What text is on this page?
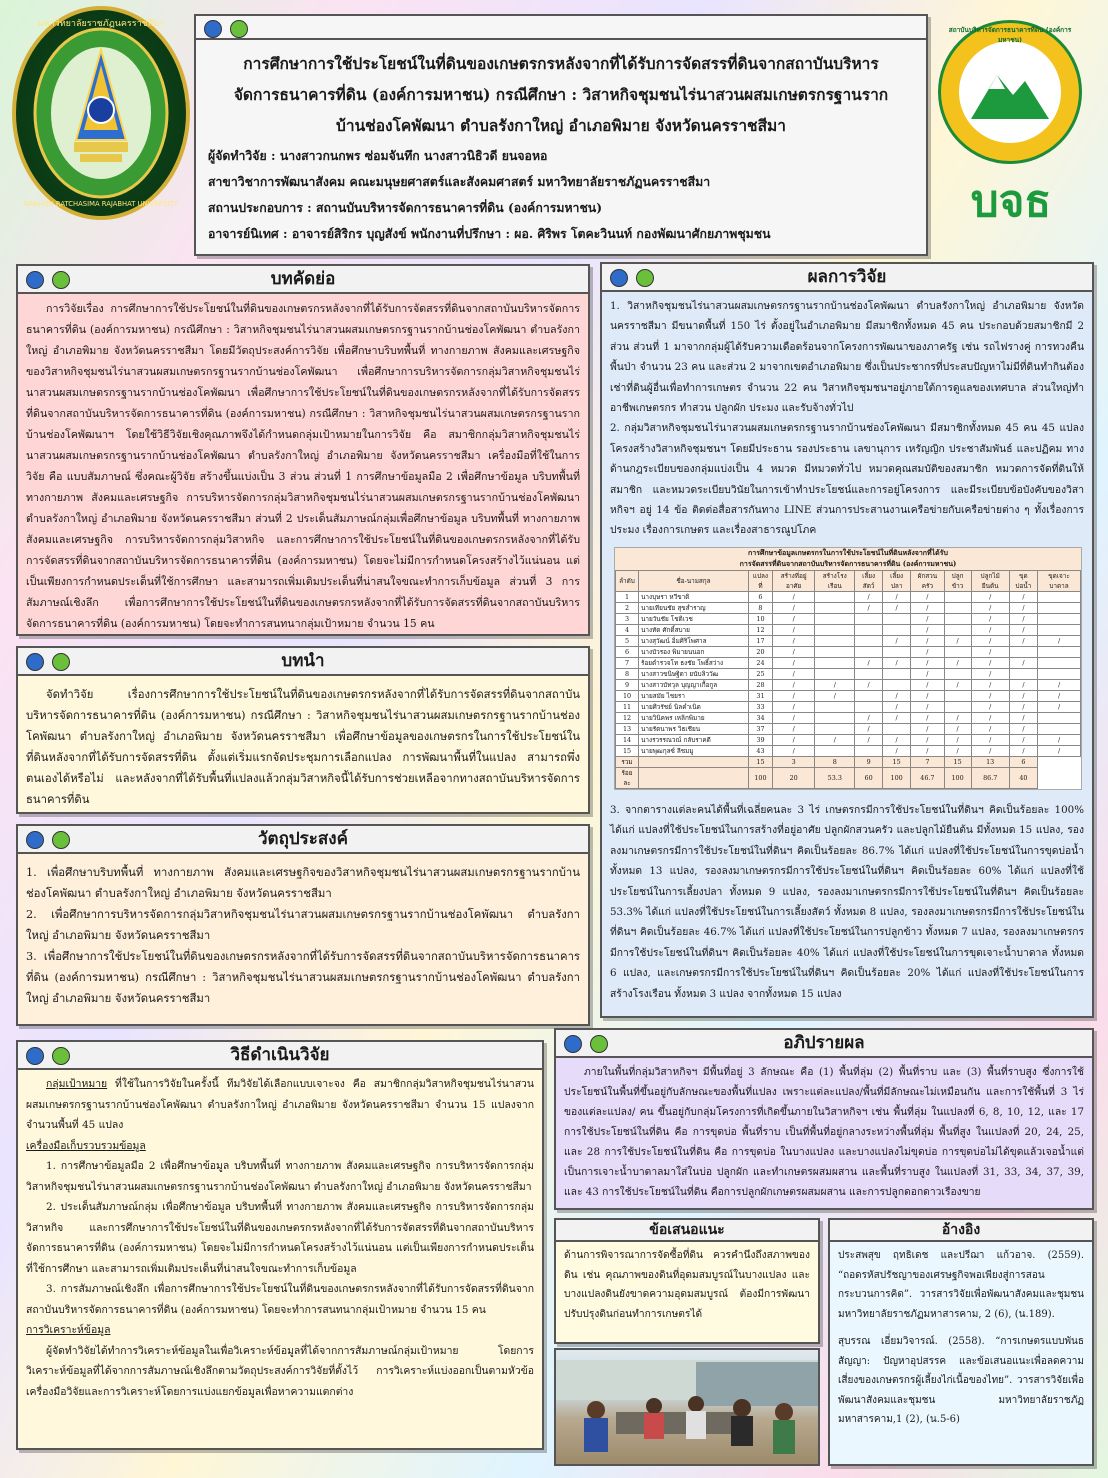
การศึกษาการใช้ประโยชน์ในที่ดินของเกษตรกรหลังจากที่ได้รับการจัดสรรที่ดินจากสถาบันบริหาร
จัดการธนาคารที่ดิน (องค์การมหาชน) กรณีศึกษา : วิสาหกิจชุมชนไร่นาสวนผสมเกษตรกรฐานราก
บ้านช่องโคพัฒนา ตำบลรังกาใหญ่ อำเภอพิมาย จังหวัดนครราชสีมา
ผู้จัดทำวิจัย : นางสาวกนกพร ซ่อมจันทึก นางสาวนิธิวดี ยนจอหอ
สาขาวิชาการพัฒนาสังคม คณะมนุษยศาสตร์และสังคมศาสตร์ มหาวิทยาลัยราชภัฏนครราชสีมา
สถานประกอบการ : สถานบันบริหารจัดการธนาคารที่ดิน (องค์การมหาชน)
อาจารย์นิเทศ : อาจารย์สิริกร บุญสังข์ พนักงานที่ปรึกษา : ผอ. ศิริพร โตคะวินนท์ กองพัฒนาศักยภาพชุมชน
มหาวิทยาลัยราชภัฏนครราชสีมา
NAKHON RATCHASIMA RAJABHAT UNIVERSITY
สถาบันบริหารจัดการธนาคารที่ดิน (องค์การมหาชน)
บจธ
บทคัดย่อ
การวิจัยเรื่อง การศึกษาการใช้ประโยชน์ในที่ดินของเกษตรกรหลังจากที่ได้รับการจัดสรรที่ดินจากสถาบันบริหารจัดการธนาคารที่ดิน (องค์การมหาชน) กรณีศึกษา : วิสาหกิจชุมชนไร่นาสวนผสมเกษตรกรฐานรากบ้านช่องโคพัฒนา ตำบลรังกาใหญ่ อำเภอพิมาย จังหวัดนครราชสีมา โดยมีวัตถุประสงค์การวิจัย เพื่อศึกษาบริบทพื้นที่ ทางกายภาพ สังคมและเศรษฐกิจของวิสาหกิจชุมชนไร่นาสวนผสมเกษตรกรฐานรากบ้านช่องโคพัฒนา เพื่อศึกษาการบริหารจัดการกลุ่มวิสาหกิจชุมชนไร่นาสวนผสมเกษตรกรฐานรากบ้านช่องโคพัฒนา เพื่อศึกษาการใช้ประโยชน์ในที่ดินของเกษตรกรหลังจากที่ได้รับการจัดสรรที่ดินจากสถาบันบริหารจัดการธนาคารที่ดิน (องค์การมหาชน) กรณีศึกษา : วิสาหกิจชุมชนไร่นาสวนผสมเกษตรกรฐานรากบ้านช่องโคพัฒนาฯ โดยใช้วิธีวิจัยเชิงคุณภาพจึงได้กำหนดกลุ่มเป้าหมายในการวิจัย คือ สมาชิกกลุ่มวิสาหกิจชุมชนไร่นาสวนผสมเกษตรกรฐานรากบ้านช่องโคพัฒนา ตำบลรังกาใหญ่ อำเภอพิมาย จังหวัดนครราชสีมา เครื่องมือที่ใช้ในการวิจัย คือ แบบสัมภาษณ์ ซึ่งคณะผู้วิจัย สร้างขึ้นแบ่งเป็น 3 ส่วน ส่วนที่ 1 การศึกษาข้อมูลมือ 2 เพื่อศึกษาข้อมูล บริบทพื้นที่ ทางกายภาพ สังคมและเศรษฐกิจ การบริหารจัดการกลุ่มวิสาหกิจชุมชนไร่นาสวนผสมเกษตรกรฐานรากบ้านช่องโคพัฒนา ตำบลรังกาใหญ่ อำเภอพิมาย จังหวัดนครราชสีมา ส่วนที่ 2 ประเด็นสัมภาษณ์กลุ่มเพื่อศึกษาข้อมูล บริบทพื้นที่ ทางกายภาพ สังคมและเศรษฐกิจ การบริหารจัดการกลุ่มวิสาหกิจ และการศึกษาการใช้ประโยชน์ในที่ดินของเกษตรกรหลังจากที่ได้รับการจัดสรรที่ดินจากสถาบันบริหารจัดการธนาคารที่ดิน (องค์การมหาชน) โดยจะไม่มีการกำหนดโครงสร้างไว้แน่นอน แต่เป็นเพียงการกำหนดประเด็นที่ใช้การศึกษา และสามารถเพิ่มเติมประเด็นที่น่าสนใจขณะทำการเก็บข้อมูล ส่วนที่ 3 การสัมภาษณ์เชิงลึก เพื่อการศึกษาการใช้ประโยชน์ในที่ดินของเกษตรกรหลังจากที่ได้รับการจัดสรรที่ดินจากสถาบันบริหารจัดการธนาคารที่ดิน (องค์การมหาชน) โดยจะทำการสนทนากลุ่มเป้าหมาย จำนวน 15 คน
บทนำ
จัดทำวิจัย เรื่องการศึกษาการใช้ประโยชน์ในที่ดินของเกษตรกรหลังจากที่ได้รับการจัดสรรที่ดินจากสถาบันบริหารจัดการธนาคารที่ดิน (องค์การมหาชน) กรณีศึกษา : วิสาหกิจชุมชนไร่นาสวนผสมเกษตรกรฐานรากบ้านช่องโคพัฒนา ตำบลรังกาใหญ่ อำเภอพิมาย จังหวัดนครราชสีมา เพื่อศึกษาข้อมูลของเกษตรกรในการใช้ประโยชน์ในที่ดินหลังจากที่ได้รับการจัดสรรที่ดิน ตั้งแต่เริ่มแรกจัดประชุมการเลือกแปลง การพัฒนาพื้นที่ในแปลง สามารถพึ่งตนเองได้หรือไม่ และหลังจากที่ได้รับพื้นที่แปลงแล้วกลุ่มวิสาหกิจนี้ได้รับการช่วยเหลือจากทางสถาบันบริหารจัดการธนาคารที่ดิน
วัตถุประสงค์
1. เพื่อศึกษาบริบทพื้นที่ ทางกายภาพ สังคมและเศรษฐกิจของวิสาหกิจชุมชนไร่นาสวนผสมเกษตรกรฐานรากบ้านช่องโคพัฒนา ตำบลรังกาใหญ่ อำเภอพิมาย จังหวัดนครราชสีมา
2. เพื่อศึกษาการบริหารจัดการกลุ่มวิสาหกิจชุมชนไร่นาสวนผสมเกษตรกรฐานรากบ้านช่องโคพัฒนา ตำบลรังกาใหญ่ อำเภอพิมาย จังหวัดนครราชสีมา
3. เพื่อศึกษาการใช้ประโยชน์ในที่ดินของเกษตรกรหลังจากที่ได้รับการจัดสรรที่ดินจากสถาบันบริหารจัดการธนาคารที่ดิน (องค์การมหาชน) กรณีศึกษา : วิสาหกิจชุมชนไร่นาสวนผสมเกษตรกรฐานรากบ้านช่องโคพัฒนา ตำบลรังกาใหญ่ อำเภอพิมาย จังหวัดนครราชสีมา
วิธีดำเนินวิจัย
กลุ่มเป้าหมาย ที่ใช้ในการวิจัยในครั้งนี้ ทีมวิจัยได้เลือกแบบเจาะจง คือ สมาชิกกลุ่มวิสาหกิจชุมชนไร่นาสวนผสมเกษตรกรฐานรากบ้านช่องโคพัฒนา ตำบลรังกาใหญ่ อำเภอพิมาย จังหวัดนครราชสีมา จำนวน 15 แปลงจาก จำนวนพื้นที่ 45 แปลง
เครื่องมือเก็บรวบรวมข้อมูล
1. การศึกษาข้อมูลมือ 2 เพื่อศึกษาข้อมูล บริบทพื้นที่ ทางกายภาพ สังคมและเศรษฐกิจ การบริหารจัดการกลุ่มวิสาหกิจชุมชนไร่นาสวนผสมเกษตรกรฐานรากบ้านช่องโคพัฒนา ตำบลรังกาใหญ่ อำเภอพิมาย จังหวัดนครราชสีมา
2. ประเด็นสัมภาษณ์กลุ่ม เพื่อศึกษาข้อมูล บริบทพื้นที่ ทางกายภาพ สังคมและเศรษฐกิจ การบริหารจัดการกลุ่มวิสาหกิจ และการศึกษาการใช้ประโยชน์ในที่ดินของเกษตรกรหลังจากที่ได้รับการจัดสรรที่ดินจากสถาบันบริหารจัดการธนาคารที่ดิน (องค์การมหาชน) โดยจะไม่มีการกำหนดโครงสร้างไว้แน่นอน แต่เป็นเพียงการกำหนดประเด็นที่ใช้การศึกษา และสามารถเพิ่มเติมประเด็นที่น่าสนใจขณะทำการเก็บข้อมูล
3. การสัมภาษณ์เชิงลึก เพื่อการศึกษาการใช้ประโยชน์ในที่ดินของเกษตรกรหลังจากที่ได้รับการจัดสรรที่ดินจากสถาบันบริหารจัดการธนาคารที่ดิน (องค์การมหาชน) โดยจะทำการสนทนากลุ่มเป้าหมาย จำนวน 15 คน
การวิเคราะห์ข้อมูล
ผู้จัดทำวิจัยได้ทำการวิเคราะห์ข้อมูลในเพื่อวิเคราะห์ข้อมูลที่ได้จากการสัมภาษณ์กลุ่มเป้าหมาย โดยการวิเคราะห์ข้อมูลที่ได้จากการสัมภาษณ์เชิงลึกตามวัตถุประสงค์การวิจัยที่ตั้งไว้ การวิเคราะห์แบ่งออกเป็นตามหัวข้อเครื่องมือวิจัยและการวิเคราะห์โดยการแบ่งแยกข้อมูลเพื่อหาความแตกต่าง
ผลการวิจัย
1. วิสาหกิจชุมชนไร่นาสวนผสมเกษตรกรฐานรากบ้านช่องโคพัฒนา ตำบลรังกาใหญ่ อำเภอพิมาย จังหวัดนครราชสีมา มีขนาดพื้นที่ 150 ไร่ ตั้งอยู่ในอำเภอพิมาย มีสมาชิกทั้งหมด 45 คน ประกอบด้วยสมาชิกมี 2 ส่วน ส่วนที่ 1 มาจากกลุ่มผู้ได้รับความเดือดร้อนจากโครงการพัฒนาของภาครัฐ เช่น รถไฟรางคู่ การทวงคืนพื้นป่า จำนวน 23 คน และส่วน 2 มาจากเขตอำเภอพิมาย ซึ่งเป็นประชากรที่ประสบปัญหาไม่มีที่ดินทำกินต้องเช่าที่ดินผู้อื่นเพื่อทำการเกษตร จำนวน 22 คน วิสาหกิจชุมชนฯอยู่ภายใต้การดูแลของเทศบาล ส่วนใหญ่ทำอาชีพเกษตรกร ทำสวน ปลูกผัก ประมง และรับจ้างทั่วไป
2. กลุ่มวิสาหกิจชุมชนไร่นาสวนผสมเกษตรกรฐานรากบ้านช่องโคพัฒนา มีสมาชิกทั้งหมด 45 คน 45 แปลง โครงสร้างวิสาหกิจชุมชนฯ โดยมีประธาน รองประธาน เลขานุการ เหรัญญิก ประชาสัมพันธ์ และปฏิคม ทางด้านกฎระเบียบของกลุ่มแบ่งเป็น 4 หมวด มีหมวดทั่วไป หมวดคุณสมบัติของสมาชิก หมวดการจัดที่ดินให้สมาชิก และหมวดระเบียบวินัยในการเข้าทำประโยชน์และการอยู่โครงการ และมีระเบียบข้อบังคับของวิสาหกิจฯ อยู่ 14 ข้อ ติดต่อสื่อสารกันทาง LINE ส่วนการประสานงานเครือข่ายกับเครือข่ายต่าง ๆ ทั้งเรื่องการประมง เรื่องการเกษตร และเรื่องสาธารณูปโภค
การศึกษาข้อมูลเกษตรกรในการใช้ประโยชน์ในที่ดินหลังจากที่ได้รับ
การจัดสรรที่ดินจากสถาบันบริหารจัดการธนาคารที่ดิน (องค์การมหาชน)
ลำดับ	ชื่อ-นามสกุล	แปลงที่	สร้างที่อยู่อาศัย	สร้างโรงเรือน	เลี้ยงสัตว์	เลี้ยงปลา	ผักสวนครัว	ปลูกข้าว	ปลูกไม้ยืนต้น	ขุดบ่อน้ำ	ขุดเจาะบาดาล
1	นางบุษรา หวีขาติ	6	/		/	/	/		/	/	
2	นายเทียนชัย สุขสำราญ	8	/		/	/	/		/	/	
3	นายวันชัย โชติเวช	10	/				/		/	/	
4	นางทัด ศักดิ์สบาย	12	/				/		/	/	
5	นางสุวัฒน์ อิ่มศิริโพศาล	17	/			/	/	/	/	/	/
6	นางบัวรอง พิมายนนอก	20	/				/		/		
7	ร้อยตำรวจโท ธงชัย โพธิ์สว่าง	24	/		/	/	/	/	/	/	
8	นางสาวขนิษฐิดา ยนับลิววัฒ	25	/				/		/		
9	นางสาวบัทวุล บุญญาเกื้อกูล	28	/	/	/		/	/	/	/	/
10	นายสมัย ไชยรา	31	/	/		/	/		/	/	/
11	นายศิวรัชย์ นิลคำเนิด	33	/			/	/		/	/	/
12	นายวินิคพร เหลิกพิมาย	34	/		/	/	/	/	/	/	
13	นายรัตนาพร วิธเชียน	37	/		/		/	/	/	/	
14	นางรวรรณวณ์ กลับราคดี	39	/	/	/	/	/	/	/	/	/
15	นายพุฒกุลซ์ ลีชมมู	43	/			/	/	/	/	/	/
รวม		15	3	8	9	15	7	15	13	6	
ร้อยละ		100	20	53.3	60	100	46.7	100	86.7	40	
3. จากตารางแต่ละคนได้พื้นที่เฉลี่ยคนละ 3 ไร่ เกษตรกรมีการใช้ประโยชน์ในที่ดินฯ คิดเป็นร้อยละ 100% ได้แก่ แปลงที่ใช้ประโยชน์ในการสร้างที่อยู่อาศัย ปลูกผักสวนครัว และปลูกไม้ยืนต้น มีทั้งหมด 15 แปลง, รองลงมาเกษตรกรมีการใช้ประโยชน์ในที่ดินฯ คิดเป็นร้อยละ 86.7% ได้แก่ แปลงที่ใช้ประโยชน์ในการขุดบ่อน้ำ ทั้งหมด 13 แปลง, รองลงมาเกษตรกรมีการใช้ประโยชน์ในที่ดินฯ คิดเป็นร้อยละ 60% ได้แก่ แปลงที่ใช้ประโยชน์ในการเลี้ยงปลา ทั้งหมด 9 แปลง, รองลงมาเกษตรกรมีการใช้ประโยชน์ในที่ดินฯ คิดเป็นร้อยละ 53.3% ได้แก่ แปลงที่ใช้ประโยชน์ในการเลี้ยงสัตว์ ทั้งหมด 8 แปลง, รองลงมาเกษตรกรมีการใช้ประโยชน์ในที่ดินฯ คิดเป็นร้อยละ 46.7% ได้แก่ แปลงที่ใช้ประโยชน์ในการปลูกข้าว ทั้งหมด 7 แปลง, รองลงมาเกษตรกรมีการใช้ประโยชน์ในที่ดินฯ คิดเป็นร้อยละ 40% ได้แก่ แปลงที่ใช้ประโยชน์ในการขุดเจาะน้ำบาดาล ทั้งหมด 6 แปลง, และเกษตรกรมีการใช้ประโยชน์ในที่ดินฯ คิดเป็นร้อยละ 20% ได้แก่ แปลงที่ใช้ประโยชน์ในการสร้างโรงเรือน ทั้งหมด 3 แปลง จากทั้งหมด 15 แปลง
อภิปรายผล
ภายในพื้นที่กลุ่มวิสาหกิจฯ มีพื้นที่อยู่ 3 ลักษณะ คือ (1) พื้นที่ลุ่ม (2) พื้นที่ราบ และ (3) พื้นที่ราบสูง ซึ่งการใช้ประโยชน์ในพื้นที่ขึ้นอยู่กับลักษณะของพื้นที่แปลง เพราะแต่ละแปลง/พื้นที่มีลักษณะไม่เหมือนกัน และการใช้พื้นที่ 3 ไร่ ของแต่ละแปลง/ คน ขึ้นอยู่กับกลุ่มโครงการที่เกิดขึ้นภายในวิสาหกิจฯ เช่น พื้นที่ลุ่ม ในแปลงที่ 6, 8, 10, 12, และ 17 การใช้ประโยชน์ในที่ดิน คือ การขุดบ่อ พื้นที่ราบ เป็นที่พื้นที่อยู่กลางระหว่างพื้นที่ลุ่ม พื้นที่สูง ในแปลงที่ 20, 24, 25, และ 28 การใช้ประโยชน์ในที่ดิน คือ การขุดบ่อ ในบางแปลง และบางแปลงไม่ขุดบ่อ การขุดบ่อไม่ได้ขุดแล้วเจอน้ำแต่เป็นการเจาะน้ำบาดาลมาใส่ในบ่อ ปลูกผัก และทำเกษตรผสมผสาน และพื้นที่ราบสูง ในแปลงที่ 31, 33, 34, 37, 39, และ 43 การใช้ประโยชน์ในที่ดิน คือการปลูกผักเกษตรผสมผสาน และการปลูกดอกดาวเรืองขาย
ข้อเสนอแนะ
ด้านการพิจารณาการจัดซื้อที่ดิน ควรคำนึงถึงสภาพของดิน เช่น คุณภาพของดินที่อุดมสมบูรณ์ในบางแปลง และบางแปลงดินยังขาดความอุดมสมบูรณ์ ต้องมีการพัฒนาปรับปรุงดินก่อนทำการเกษตรได้
อ้างอิง
ประสพสุข ฤทธิเดช และปรีฌา แก้วอาจ. (2559). “ถอดรหัสปรัชญาของเศรษฐกิจพอเพียงสู่การสอนกระบวนการคิด”. วารสารวิจัยเพื่อพัฒนาสังคมและชุมชน มหาวิทยาลัยราชภัฏมหาสารคาม, 2 (6), (น.189).
สุบรรณ เอี่ยมวิจารณ์. (2558). “การเกษตรแบบพันธสัญญา: ปัญหาอุปสรรค และข้อเสนอแนะเพื่อลดความเสี่ยงของเกษตรกรผู้เลี้ยงไก่เนื้อของไทย”. วารสารวิจัยเพื่อพัฒนาสังคมและชุมชน มหาวิทยาลัยราชภัฏมหาสารคาม,1 (2), (น.5-6)
